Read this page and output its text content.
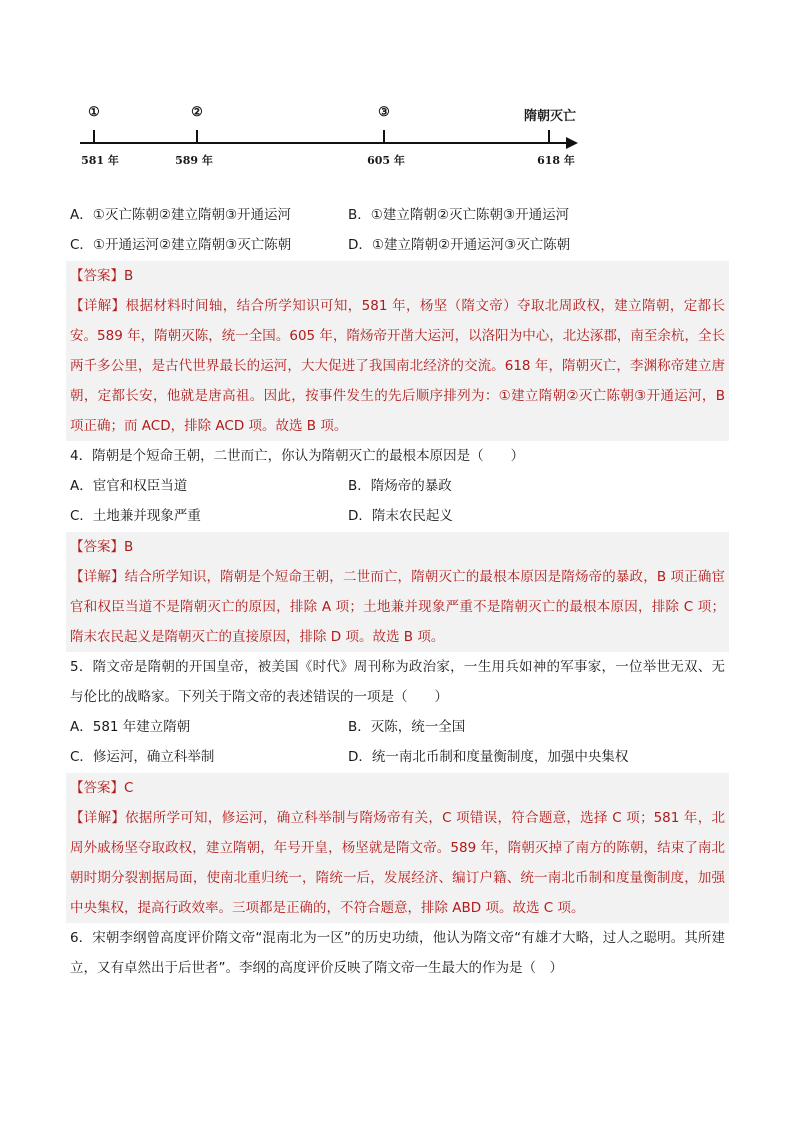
①	②	③	隋朝灭亡
581 年	589 年	605 年	618 年
A．①灭亡陈朝②建立隋朝③开通运河	B．①建立隋朝②灭亡陈朝③开通运河
C．①开通运河②建立隋朝③灭亡陈朝	D．①建立隋朝②开通运河③灭亡陈朝
【答案】B
【详解】根据材料时间轴，结合所学知识可知，581 年，杨坚（隋文帝）夺取北周政权，建立隋朝，定都长安。589 年，隋朝灭陈，统一全国。605 年，隋炀帝开凿大运河，以洛阳为中心，北达涿郡，南至余杭，全长两千多公里，是古代世界最长的运河，大大促进了我国南北经济的交流。618 年，隋朝灭亡，李渊称帝建立唐朝，定都长安，他就是唐高祖。因此，按事件发生的先后顺序排列为：①建立隋朝②灭亡陈朝③开通运河，B 项正确；而 ACD，排除 ACD 项。故选 B 项。
4．隋朝是个短命王朝，二世而亡，你认为隋朝灭亡的最根本原因是（　　）
A．宦官和权臣当道	B．隋炀帝的暴政
C．土地兼并现象严重	D．隋末农民起义
【答案】B
【详解】结合所学知识，隋朝是个短命王朝，二世而亡，隋朝灭亡的最根本原因是隋炀帝的暴政，B 项正确宦官和权臣当道不是隋朝灭亡的原因，排除 A 项；土地兼并现象严重不是隋朝灭亡的最根本原因，排除 C 项；隋末农民起义是隋朝灭亡的直接原因，排除 D 项。故选 B 项。
5．隋文帝是隋朝的开国皇帝，被美国《时代》周刊称为政治家，一生用兵如神的军事家，一位举世无双、无与伦比的战略家。下列关于隋文帝的表述错误的一项是（　　）
A．581 年建立隋朝	B．灭陈，统一全国
C．修运河，确立科举制	D．统一南北币制和度量衡制度，加强中央集权
【答案】C
【详解】依据所学可知，修运河，确立科举制与隋炀帝有关，C 项错误，符合题意，选择 C 项；581 年，北周外戚杨坚夺取政权，建立隋朝，年号开皇，杨坚就是隋文帝。589 年，隋朝灭掉了南方的陈朝，结束了南北朝时期分裂割据局面，使南北重归统一，隋统一后，发展经济、编订户籍、统一南北币制和度量衡制度，加强中央集权，提高行政效率。三项都是正确的，不符合题意，排除 ABD 项。故选 C 项。
6．宋朝李纲曾高度评价隋文帝“混南北为一区”的历史功绩，他认为隋文帝“有雄才大略，过人之聪明。其所建立，又有卓然出于后世者”。李纲的高度评价反映了隋文帝一生最大的作为是（　）
